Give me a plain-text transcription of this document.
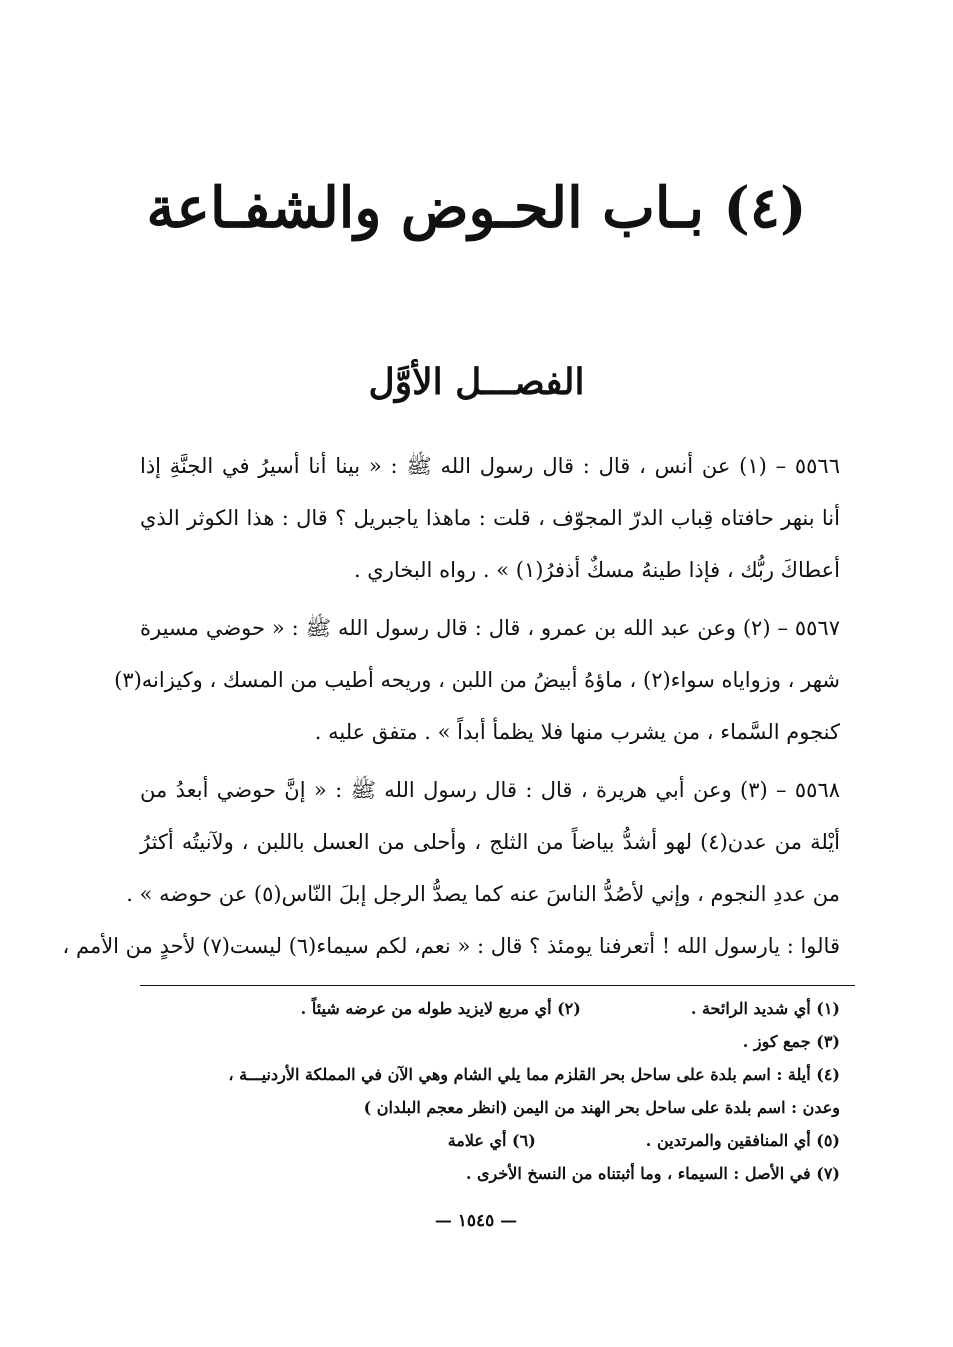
(٤) بـاب الحـوض والشفـاعة
الفصـــل الأوَّل
٥٥٦٦ – (١) عن أنس ، قال : قال رسول الله ﷺ : « بينا أنا أسيرُ في الجنَّةِ إذا
أنا بنهر حافتاه قِباب الدرّ المجوّف ، قلت : ماهذا ياجبريل ؟ قال : هذا الكوثر الذي
أعطاكَ ربُّك ، فإذا طينهُ مسكٌ أذفرُ(١) » . رواه البخاري .
٥٥٦٧ – (٢) وعن عبد الله بن عمرو ، قال : قال رسول الله ﷺ : « حوضي مسيرة
شهر ، وزواياه سواء(٢) ، ماؤهُ أبيضُ من اللبن ، وريحه أطيب من المسك ، وكيزانه(٣)
كنجوم السَّماء ، من يشرب منها فلا يظمأ أبداً » . متفق عليه .
٥٥٦٨ – (٣) وعن أبي هريرة ، قال : قال رسول الله ﷺ : « إنَّ حوضي أبعدُ من
أيْلة من عدن(٤) لهو أشدُّ بياضاً من الثلج ، وأحلى من العسل باللبن ، ولآنيتُه أكثرُ
من عددِ النجوم ، وإني لأصُدُّ الناسَ عنه كما يصدُّ الرجل إبلَ النّاس(٥) عن حوضه » .
قالوا : يارسول الله ! أتعرفنا يومئذ ؟ قال : « نعم، لكم سيماء(٦) ليست(٧) لأحدٍ من الأمم ،
(١) أي شديد الرائحة .
(٢) أي مربع لايزيد طوله من عرضه شيئاً .
(٣) جمع كوز .
(٤) أيلة : اسم بلدة على ساحل بحر القلزم مما يلي الشام وهي الآن في المملكة الأردنيـــة ،
وعدن : اسم بلدة على ساحل بحر الهند من اليمن (انظر معجم البلدان )
(٥) أي المنافقين والمرتدين .
(٦) أي علامة
(٧) في الأصل : السيماء ، وما أثبتناه من النسخ الأخرى .
— ١٥٤٥ —
